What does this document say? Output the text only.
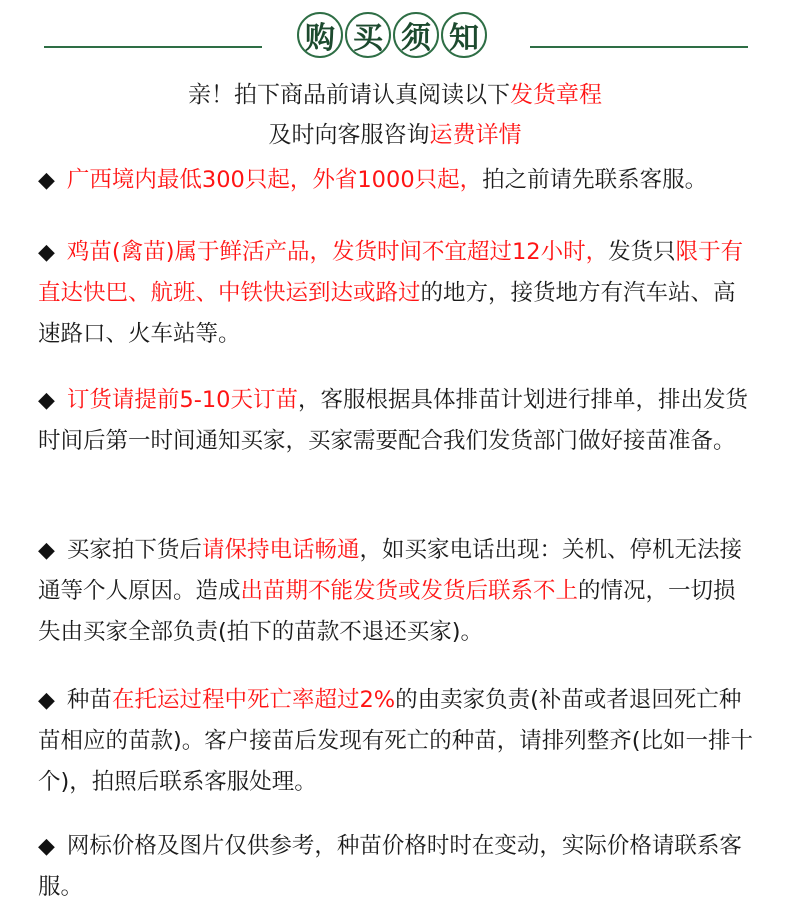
购 买 须 知
亲！拍下商品前请认真阅读以下发货章程
及时向客服咨询运费详情
◆ 广西境内最低300只起，外省1000只起，拍之前请先联系客服。
◆ 鸡苗(禽苗)属于鲜活产品，发货时间不宜超过12小时，发货只限于有直达快巴、航班、中铁快运到达或路过的地方，接货地方有汽车站、高速路口、火车站等。
◆ 订货请提前5-10天订苗，客服根据具体排苗计划进行排单，排出发货时间后第一时间通知买家，买家需要配合我们发货部门做好接苗准备。
◆ 买家拍下货后请保持电话畅通，如买家电话出现：关机、停机无法接通等个人原因。造成出苗期不能发货或发货后联系不上的情况，一切损失由买家全部负责(拍下的苗款不退还买家)。
◆ 种苗在托运过程中死亡率超过2%的由卖家负责(补苗或者退回死亡种苗相应的苗款)。客户接苗后发现有死亡的种苗，请排列整齐(比如一排十个)，拍照后联系客服处理。
◆ 网标价格及图片仅供参考，种苗价格时时在变动，实际价格请联系客服。
